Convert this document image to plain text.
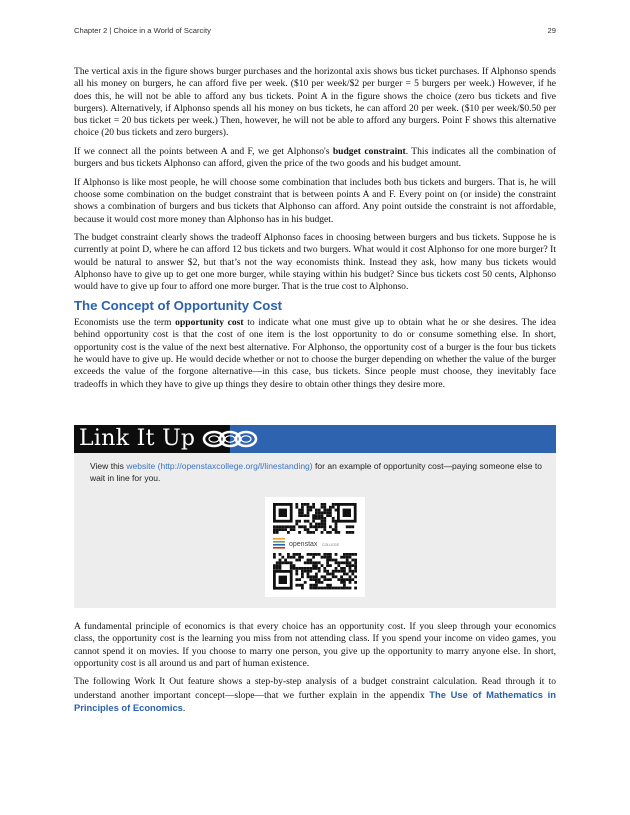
Chapter 2 | Choice in a World of Scarcity	29

The vertical axis in the figure shows burger purchases and the horizontal axis shows bus ticket purchases. If Alphonso spends all his money on burgers, he can afford five per week. ($10 per week/$2 per burger = 5 burgers per week.) However, if he does this, he will not be able to afford any bus tickets. Point A in the figure shows the choice (zero bus tickets and five burgers). Alternatively, if Alphonso spends all his money on bus tickets, he can afford 20 per week. ($10 per week/$0.50 per bus ticket = 20 bus tickets per week.) Then, however, he will not be able to afford any burgers. Point F shows this alternative choice (20 bus tickets and zero burgers).

If we connect all the points between A and F, we get Alphonso's budget constraint. This indicates all the combination of burgers and bus tickets Alphonso can afford, given the price of the two goods and his budget amount.

If Alphonso is like most people, he will choose some combination that includes both bus tickets and burgers. That is, he will choose some combination on the budget constraint that is between points A and F. Every point on (or inside) the constraint shows a combination of burgers and bus tickets that Alphonso can afford. Any point outside the constraint is not affordable, because it would cost more money than Alphonso has in his budget.

The budget constraint clearly shows the tradeoff Alphonso faces in choosing between burgers and bus tickets. Suppose he is currently at point D, where he can afford 12 bus tickets and two burgers. What would it cost Alphonso for one more burger? It would be natural to answer $2, but that’s not the way economists think. Instead they ask, how many bus tickets would Alphonso have to give up to get one more burger, while staying within his budget? Since bus tickets cost 50 cents, Alphonso would have to give up four to afford one more burger. That is the true cost to Alphonso.

The Concept of Opportunity Cost

Economists use the term opportunity cost to indicate what one must give up to obtain what he or she desires. The idea behind opportunity cost is that the cost of one item is the lost opportunity to do or consume something else. In short, opportunity cost is the value of the next best alternative. For Alphonso, the opportunity cost of a burger is the four bus tickets he would have to give up. He would decide whether or not to choose the burger depending on whether the value of the burger exceeds the value of the forgone alternative—in this case, bus tickets. Since people must choose, they inevitably face tradeoffs in which they have to give up things they desire to obtain other things they desire more.

Link It Up
View this website (http://openstaxcollege.org/l/linestanding) for an example of opportunity cost—paying someone else to wait in line for you.
openstax COLLEGE

A fundamental principle of economics is that every choice has an opportunity cost. If you sleep through your economics class, the opportunity cost is the learning you miss from not attending class. If you spend your income on video games, you cannot spend it on movies. If you choose to marry one person, you give up the opportunity to marry anyone else. In short, opportunity cost is all around us and part of human existence.

The following Work It Out feature shows a step-by-step analysis of a budget constraint calculation. Read through it to understand another important concept—slope—that we further explain in the appendix The Use of Mathematics in Principles of Economics.
